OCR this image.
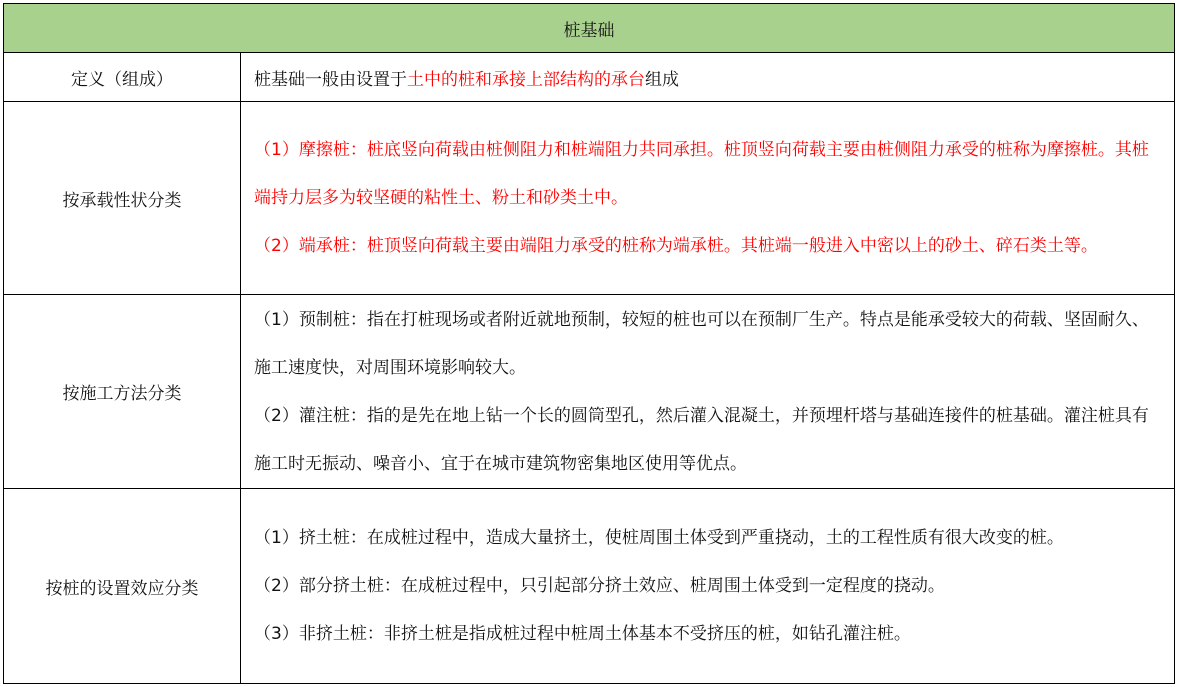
桩基础	
定义（组成）	桩基础一般由设置于土中的桩和承接上部结构的承台组成
按承载性状分类	（1）摩擦桩：桩底竖向荷载由桩侧阻力和桩端阻力共同承担。桩顶竖向荷载主要由桩侧阻力承受的桩称为摩擦桩。其桩端持力层多为较坚硬的粘性土、粉土和砂类土中。
（2）端承桩：桩顶竖向荷载主要由端阻力承受的桩称为端承桩。其桩端一般进入中密以上的砂土、碎石类土等。

按施工方法分类	（1）预制桩：指在打桩现场或者附近就地预制，较短的桩也可以在预制厂生产。特点是能承受较大的荷载、坚固耐久、施工速度快，对周围环境影响较大。
（2）灌注桩：指的是先在地上钻一个长的圆筒型孔，然后灌入混凝土，并预埋杆塔与基础连接件的桩基础。灌注桩具有施工时无振动、噪音小、宜于在城市建筑物密集地区使用等优点。

按桩的设置效应分类	（1）挤土桩：在成桩过程中，造成大量挤土，使桩周围土体受到严重挠动，土的工程性质有很大改变的桩。
（2）部分挤土桩：在成桩过程中，只引起部分挤土效应、桩周围土体受到一定程度的挠动。
（3）非挤土桩：非挤土桩是指成桩过程中桩周土体基本不受挤压的桩，如钻孔灌注桩。
